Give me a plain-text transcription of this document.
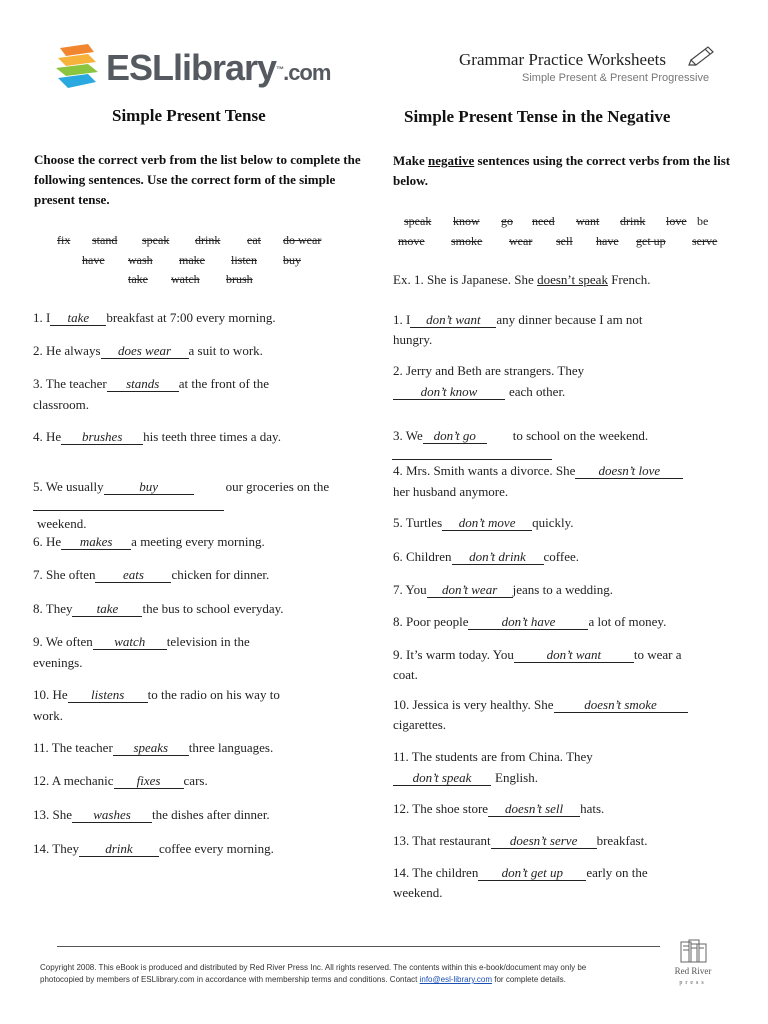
ESLlibrary™.com
Grammar Practice Worksheets
Simple Present & Present Progressive
Simple Present Tense
Choose the correct verb from the list below to complete the following sentences. Use the correct form of the simple present tense.
fix stand speak drink eat do wear
have wash make listen buy
take watch brush
1. I take breakfast at 7:00 every morning.
2. He always does wear a suit to work.
3. The teacher stands at the front of the
classroom.
4. He brushes his teeth three times a day.
5. We usually	buy	our groceries on the
weekend.
6. He makes a meeting every morning.
7. She often eats chicken for dinner.
8. They take the bus to school everyday.
9. We often watch television in the
evenings.
10. He listens to the radio on his way to
work.
11. The teacher speaks three languages.
12. A mechanic fixes cars.
13. She washes the dishes after dinner.
14. They drink coffee every morning.
Simple Present Tense in the Negative
Make negative sentences using the correct verbs from the list below.
speak know go need want drink love be
move smoke wear sell have get up serve
Ex. 1. She is Japanese. She doesn’t speak French.
1. I don’t want any dinner because I am not
hungry.
2. Jerry and Beth are strangers. They
don’t know each other.
3. We don’t go	to school on the weekend.
4. Mrs. Smith wants a divorce. She doesn’t love
her husband anymore.
5. Turtles don’t move quickly.
6. Children don’t drink coffee.
7. You don’t wear jeans to a wedding.
8. Poor people	don’t have	a lot of money.
9. It’s warm today. You	don’t want	to wear a
coat.
10. Jessica is very healthy. She doesn’t smoke
cigarettes.
11. The students are from China. They
don’t speak English.
12. The shoe store doesn’t sell hats.
13. That restaurant doesn’t serve breakfast.
14. The children don’t get up early on the
weekend.
Copyright 2008. This eBook is produced and distributed by Red River Press Inc. All rights reserved. The contents within this e-book/document may only be
photocopied by members of ESLlibrary.com in accordance with membership terms and conditions. Contact info@esl-library.com for complete details.
Red River
press
